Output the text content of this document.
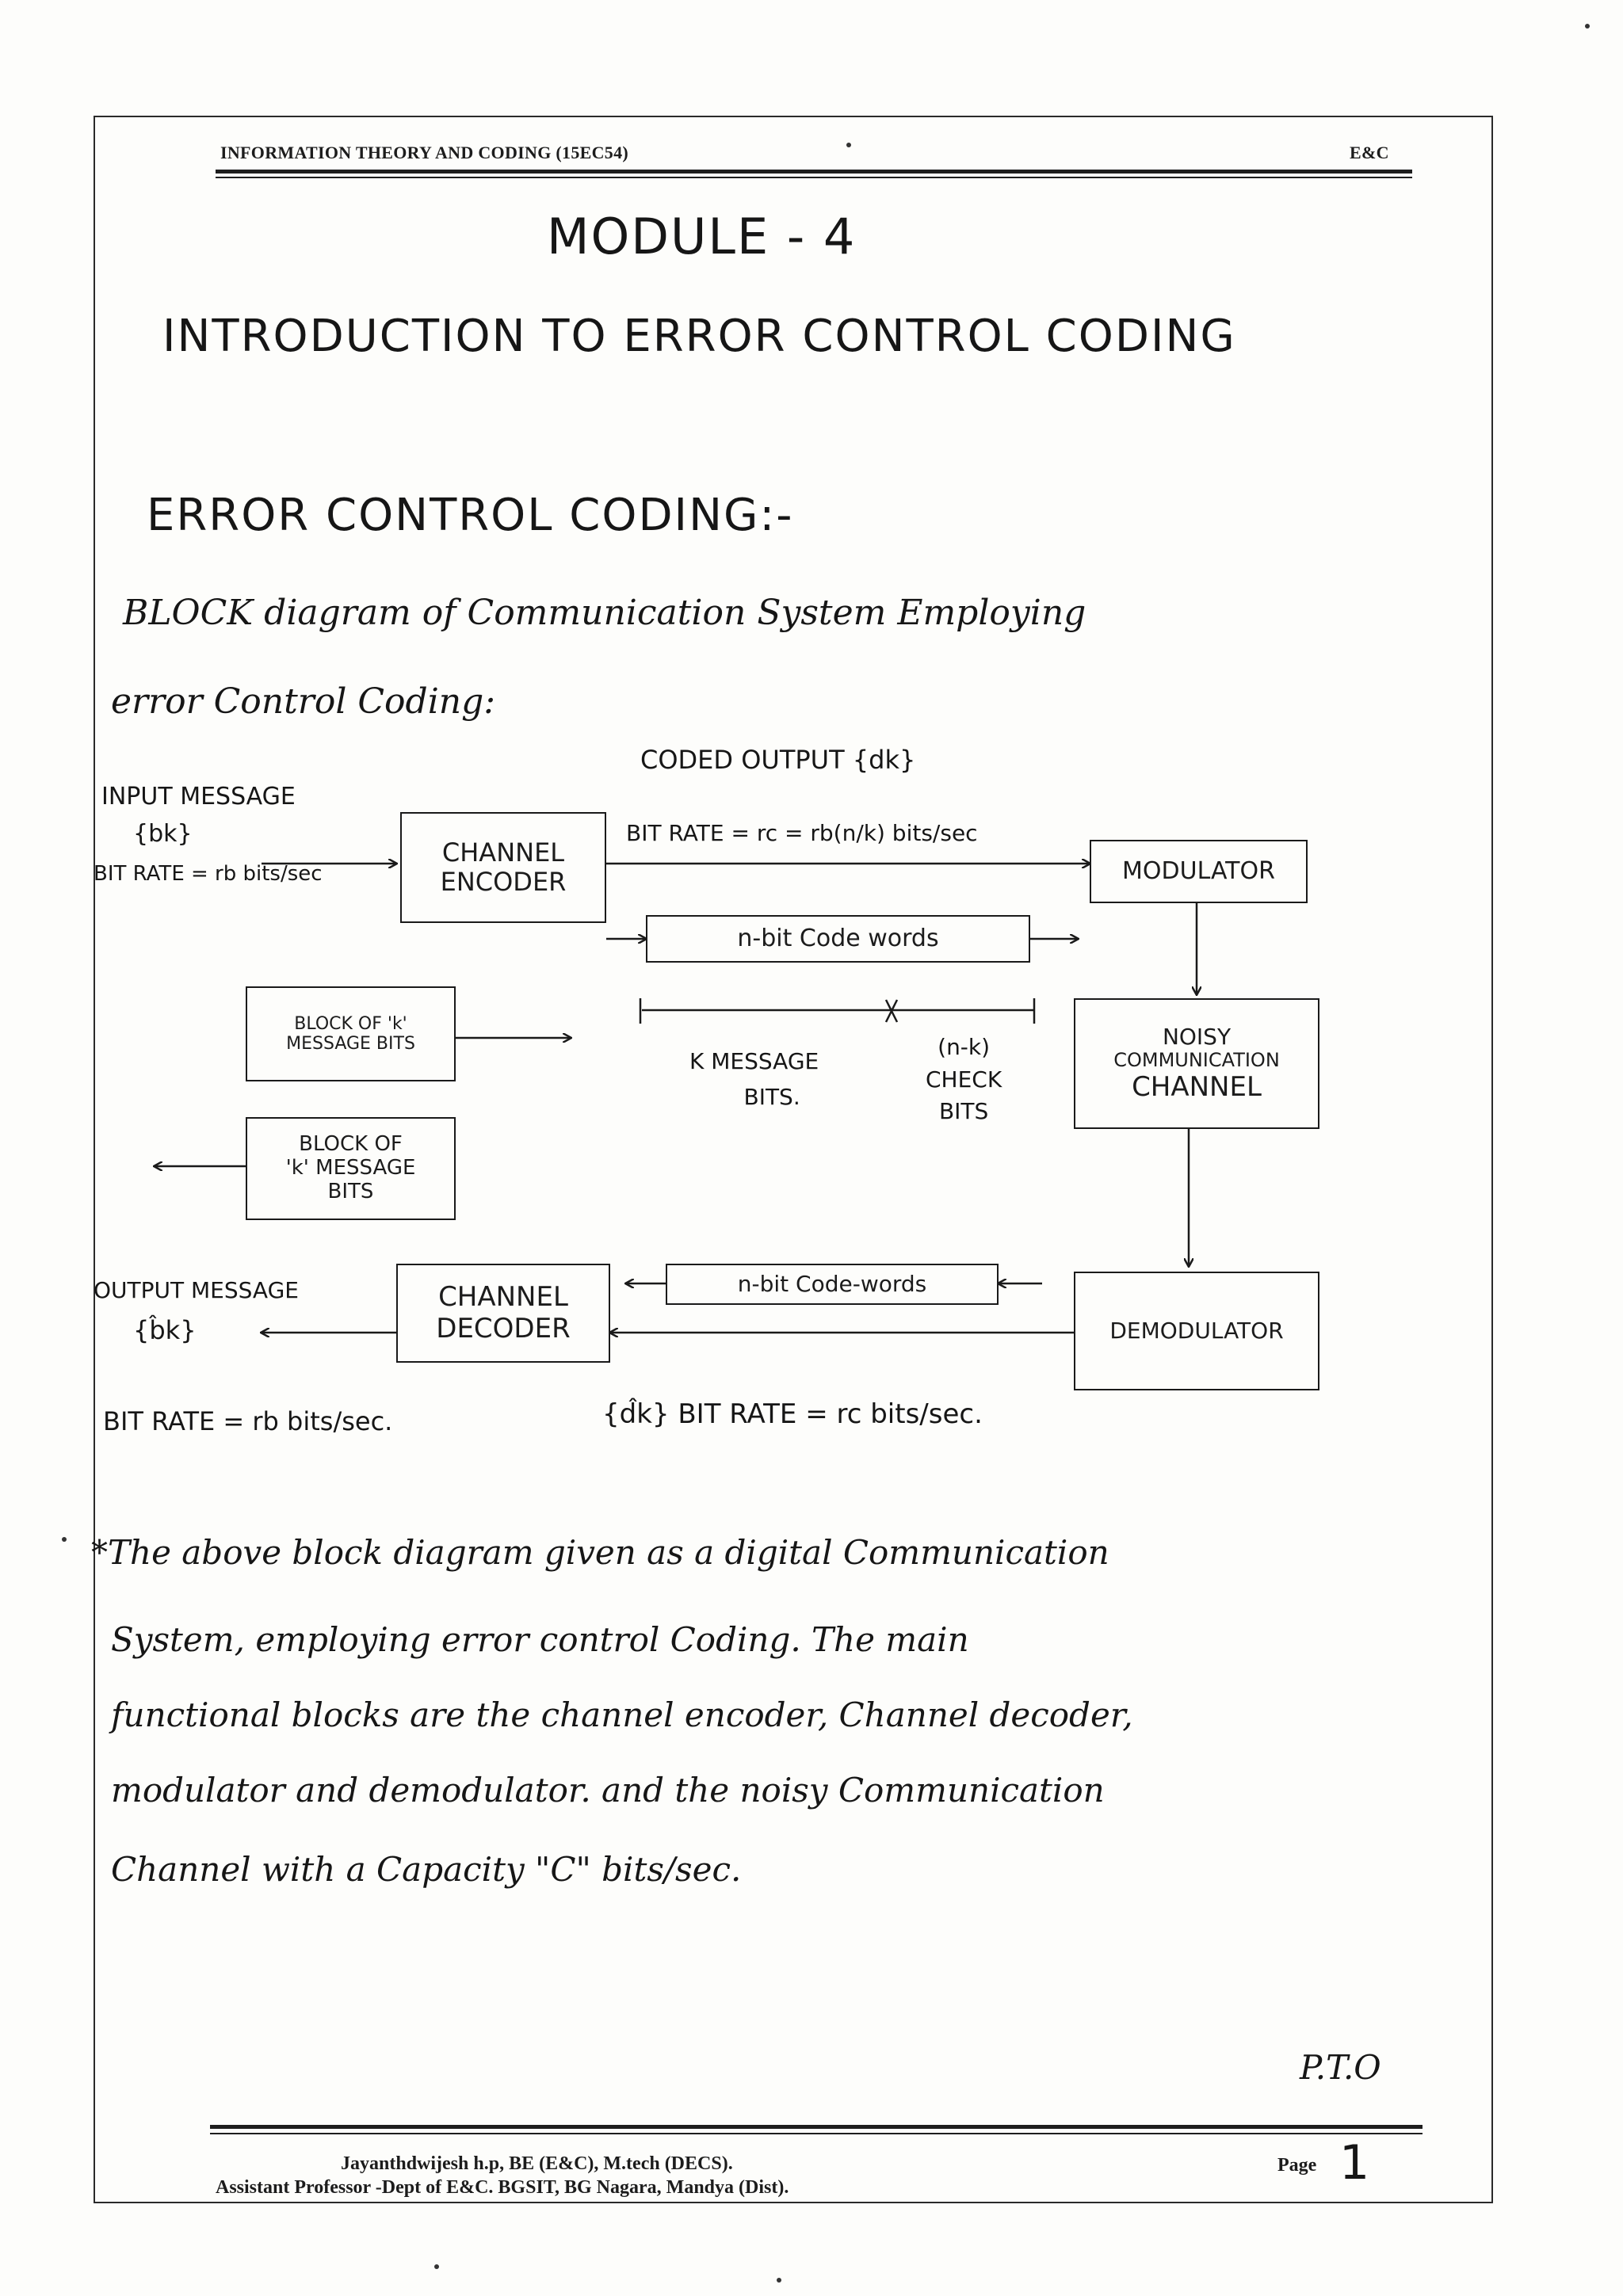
INFORMATION THEORY AND CODING (15EC54)	E&C
MODULE - 4
INTRODUCTION TO ERROR CONTROL CODING
ERROR CONTROL CODING:-
BLOCK diagram of Communication System Employing
error Control Coding:
CODED OUTPUT {dk}
INPUT MESSAGE
{bk}
BIT RATE = rb bits/sec
CHANNEL
ENCODER
BIT RATE = rc = rb(n/k) bits/sec
MODULATOR
n-bit Code words
BLOCK OF 'k'
MESSAGE BITS
K MESSAGE
BITS.
(n-k)
CHECK
BITS
NOISY
COMMUNICATION
CHANNEL
BLOCK OF
'k' MESSAGE
BITS
OUTPUT MESSAGE
{b̂k}
CHANNEL
DECODER
n-bit Code-words
DEMODULATOR
BIT RATE = rb bits/sec.	{d̂k} BIT RATE = rc bits/sec.
*The above block diagram given as a digital Communication
System, employing error control Coding. The main
functional blocks are the channel encoder, Channel decoder,
modulator and demodulator. and the noisy Communication
Channel with a Capacity "C" bits/sec.
P.T.O
Jayanthdwijesh h.p, BE (E&C), M.tech (DECS).
Assistant Professor -Dept of E&C. BGSIT, BG Nagara, Mandya (Dist).
Page 1
